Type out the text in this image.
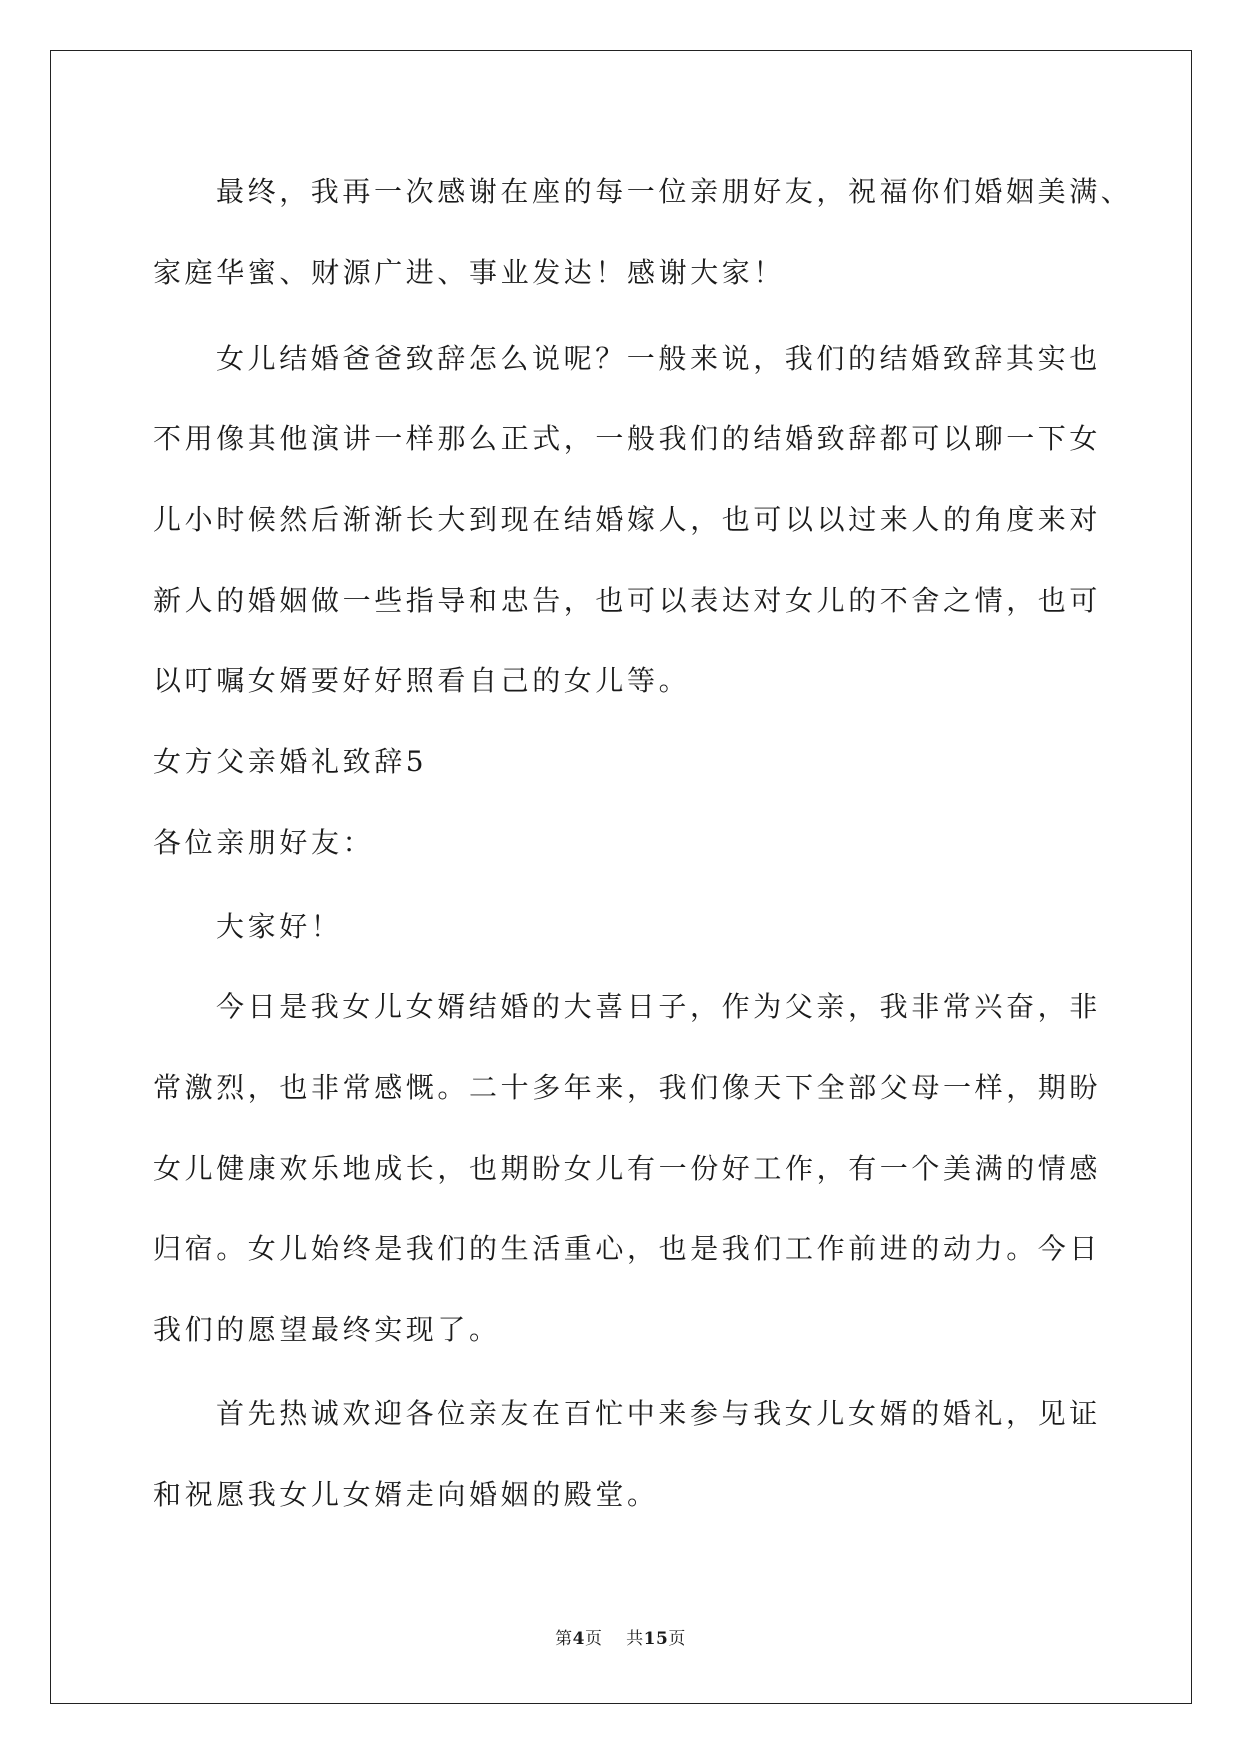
最终，我再一次感谢在座的每一位亲朋好友，祝福你们婚姻美满、
家庭华蜜、财源广进、事业发达！感谢大家！
女儿结婚爸爸致辞怎么说呢？一般来说，我们的结婚致辞其实也
不用像其他演讲一样那么正式，一般我们的结婚致辞都可以聊一下女
儿小时候然后渐渐长大到现在结婚嫁人，也可以以过来人的角度来对
新人的婚姻做一些指导和忠告，也可以表达对女儿的不舍之情，也可
以叮嘱女婿要好好照看自己的女儿等。
女方父亲婚礼致辞5
各位亲朋好友：
大家好！
今日是我女儿女婿结婚的大喜日子，作为父亲，我非常兴奋，非
常激烈，也非常感慨。二十多年来，我们像天下全部父母一样，期盼
女儿健康欢乐地成长，也期盼女儿有一份好工作，有一个美满的情感
归宿。女儿始终是我们的生活重心，也是我们工作前进的动力。今日
我们的愿望最终实现了。
首先热诚欢迎各位亲友在百忙中来参与我女儿女婿的婚礼，见证
和祝愿我女儿女婿走向婚姻的殿堂。
第4页 共15页
